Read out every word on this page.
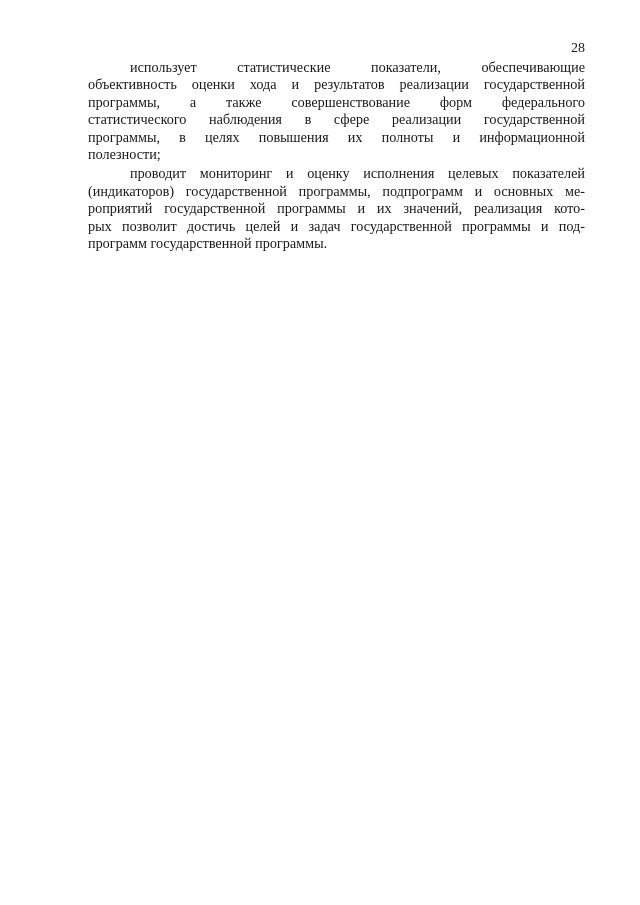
28

использует статистические показатели, обеспечивающие
объективность оценки хода и результатов реализации государственной
программы, а также совершенствование форм федерального
статистического наблюдения в сфере реализации государственной
программы, в целях повышения их полноты и информационной
полезности;

проводит мониторинг и оценку исполнения целевых показателей
(индикаторов) государственной программы, подпрограмм и основных ме-
роприятий государственной программы и их значений, реализация кото-
рых позволит достичь целей и задач государственной программы и под-
программ государственной программы.
